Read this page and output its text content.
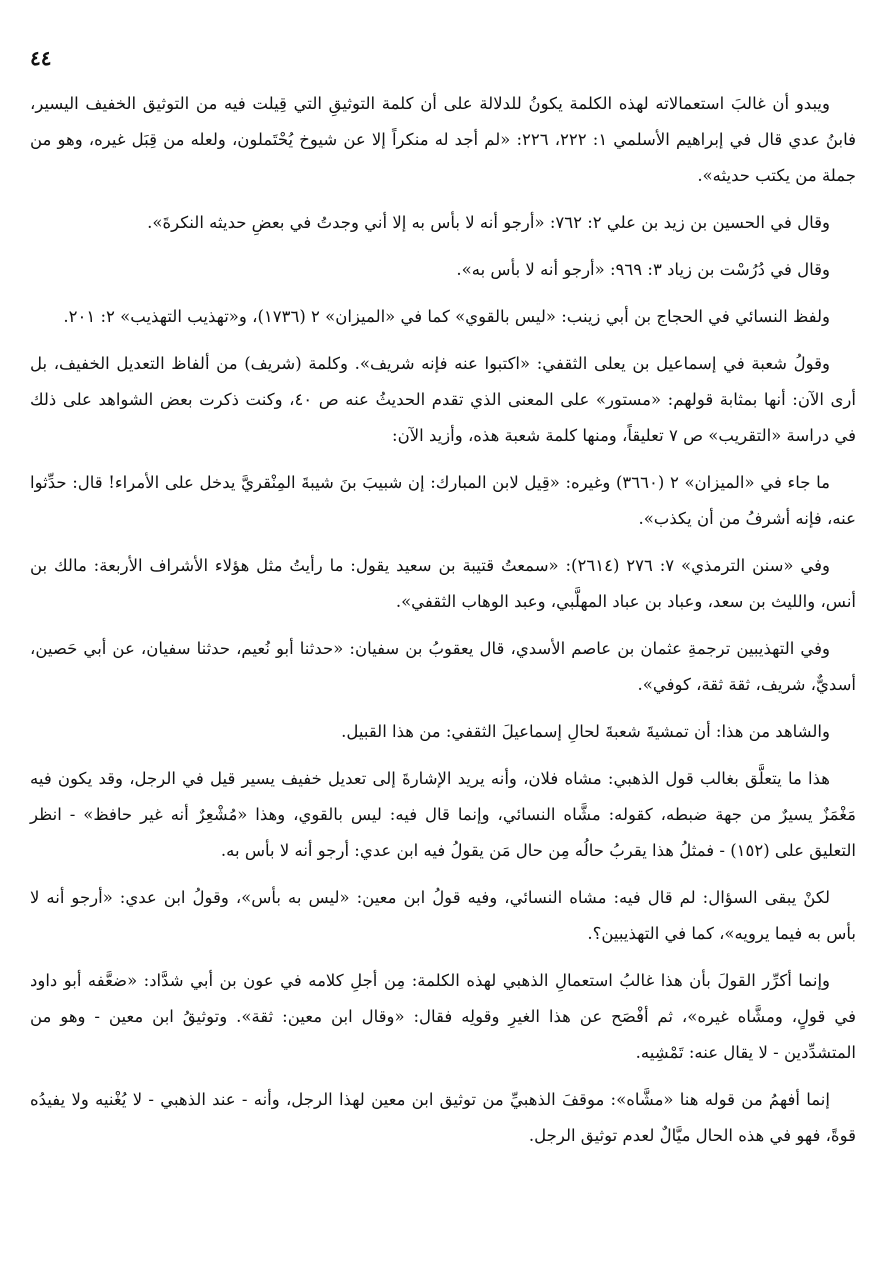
٤٤

ويبدو أن غالبَ استعمالاته لهذه الكلمة يكونُ للدلالة على أن كلمة التوثيقِ التي قِيلت فيه من التوثيق الخفيف اليسير، فابنُ عدي قال في إبراهيم الأسلمي ١: ٢٢٢، ٢٢٦: «لم أجد له منكراً إلا عن شيوخ يُحْتَملون، ولعله من قِبَل غيره، وهو من جملة من يكتب حديثه».

وقال في الحسين بن زيد بن علي ٢: ٧٦٢: «أرجو أنه لا بأس به إلا أني وجدتُ في بعضِ حديثه النكرةَ».

وقال في دُرُسْت بن زياد ٣: ٩٦٩: «أرجو أنه لا بأس به».

ولفظ النسائي في الحجاج بن أبي زينب: «ليس بالقوي» كما في «الميزان» ٢ (١٧٣٦)، و«تهذيب التهذيب» ٢: ٢٠١.

وقولُ شعبة في إسماعيل بن يعلى الثقفي: «اكتبوا عنه فإنه شريف». وكلمة (شريف) من ألفاظ التعديل الخفيف، بل أرى الآن: أنها بمثابة قولهم: «مستور» على المعنى الذي تقدم الحديثُ عنه ص ٤٠، وكنت ذكرت بعض الشواهد على ذلك في دراسة «التقريب» ص ٧ تعليقاً، ومنها كلمة شعبة هذه، وأزيد الآن:

ما جاء في «الميزان» ٢ (٣٦٦٠) وغيره: «قِيل لابن المبارك: إن شبيبَ بنَ شيبةَ المِنْقريَّ يدخل على الأمراء! قال: حدِّثوا عنه، فإنه أشرفُ من أن يكذب».

وفي «سنن الترمذي» ٧: ٢٧٦ (٢٦١٤): «سمعتُ قتيبة بن سعيد يقول: ما رأيتُ مثل هؤلاء الأشراف الأربعة: مالك بن أنس، والليث بن سعد، وعباد بن عباد المهلَّبي، وعبد الوهاب الثقفي».

وفي التهذيبين ترجمةِ عثمان بن عاصم الأسدي، قال يعقوبُ بن سفيان: «حدثنا أبو نُعيم، حدثنا سفيان، عن أبي حَصين، أسديٌّ، شريف، ثقة ثقة، كوفي».

والشاهد من هذا: أن تمشيةَ شعبةَ لحالِ إسماعيلَ الثقفي: من هذا القبيل.

هذا ما يتعلَّق بغالب قول الذهبي: مشاه فلان، وأنه يريد الإشارةَ إلى تعديل خفيف يسير قيل في الرجل، وقد يكون فيه مَغْمَزٌ يسيرٌ من جهة ضبطه، كقوله: مشَّاه النسائي، وإنما قال فيه: ليس بالقوي، وهذا «مُشْعِرٌ أنه غير حافظ» - انظر التعليق على (١٥٢) - فمثلُ هذا يقربُ حالُه مِن حال مَن يقولُ فيه ابن عدي: أرجو أنه لا بأس به.

لكنْ يبقى السؤال: لم قال فيه: مشاه النسائي، وفيه قولُ ابن معين: «ليس به بأس»، وقولُ ابن عدي: «أرجو أنه لا بأس به فيما يرويه»، كما في التهذيبين؟.

وإنما أكرِّر القولَ بأن هذا غالبُ استعمالِ الذهبي لهذه الكلمة: مِن أجلِ كلامه في عون بن أبي شدَّاد: «ضعَّفه أبو داود في قولٍ، ومشَّاه غيره»، ثم أفْصَح عن هذا الغيرِ وقولِه فقال: «وقال ابن معين: ثقة». وتوثيقُ ابن معين - وهو من المتشدِّدين - لا يقال عنه: تَمْشِيه.

إنما أفهمُ من قوله هنا «مشَّاه»: موقفَ الذهبيِّ من توثيق ابن معين لهذا الرجل، وأنه - عند الذهبي - لا يُغْنيه ولا يفيدُه قوةً، فهو في هذه الحال ميَّالٌ لعدم توثيق الرجل.
